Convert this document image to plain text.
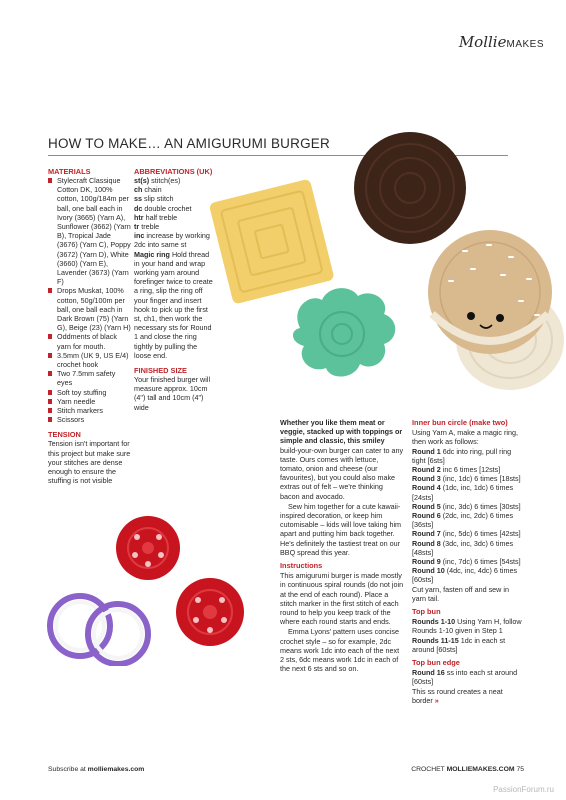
MollieMAKES
HOW TO MAKE… AN AMIGURUMI BURGER
MATERIALS
Stylecraft Classique Cotton DK, 100% cotton, 100g/184m per ball, one ball each in Ivory (3665) (Yarn A), Sunflower (3662) (Yarn B), Tropical Jade (3676) (Yarn C), Poppy (3672) (Yarn D), White (3660) (Yarn E), Lavender (3673) (Yarn F)
Drops Muskat, 100% cotton, 50g/100m per ball, one ball each in Dark Brown (75) (Yarn G), Beige (23) (Yarn H)
Oddments of black yarn for mouth.
3.5mm (UK 9, US E/4) crochet hook
Two 7.5mm safety eyes
Soft toy stuffing
Yarn needle
Stitch markers
Scissors
TENSION
Tension isn't important for this project but make sure your stitches are dense enough to ensure the stuffing is not visible
ABBREVIATIONS (UK)
st(s) stitch(es)
ch chain
ss slip stitch
dc double crochet
htr half treble
tr treble
inc increase by working 2dc into same st
Magic ring Hold thread in your hand and wrap working yarn around forefinger twice to create a ring, slip the ring off your finger and insert hook to pick up the first st, ch1, then work the necessary sts for Round 1 and close the ring tightly by pulling the loose end.
FINISHED SIZE
Your finished burger will measure approx. 10cm (4") tall and 10cm (4") wide

Whether you like them meat or veggie, stacked up with toppings or simple and classic, this smiley build-your-own burger can cater to any taste. Ours comes with lettuce, tomato, onion and cheese (our favourites), but you could also make extras out of felt – we're thinking bacon and avocado.

Sew him together for a cute kawaii-inspired decoration, or keep him cutomisable – kids will love taking him apart and putting him back together. He's definitely the tastiest treat on our BBQ spread this year.

Instructions

This amigurumi burger is made mostly in continuous spiral rounds (do not join at the end of each round). Place a stitch marker in the first stitch of each round to help you keep track of the where each round starts and ends.

Emma Lyons' pattern uses concise crochet style – so for example, 2dc means work 1dc into each of the next 2 sts, 6dc means work 1dc in each of the next 6 sts and so on.

Inner bun circle (make two)
Using Yarn A, make a magic ring, then work as follows:
Round 1 6dc into ring, pull ring tight [6sts]
Round 2 inc 6 times [12sts]
Round 3 (inc, 1dc) 6 times [18sts]
Round 4 (1dc, inc, 1dc) 6 times [24sts]
Round 5 (inc, 3dc) 6 times [30sts]
Round 6 (2dc, inc, 2dc) 6 times [36sts]
Round 7 (inc, 5dc) 6 times [42sts]
Round 8 (3dc, inc, 3dc) 6 times [48sts]
Round 9 (inc, 7dc) 6 times [54sts]
Round 10 (4dc, inc, 4dc) 6 times [60sts]
Cut yarn, fasten off and sew in yarn tail.
Top bun
Rounds 1-10 Using Yarn H, follow Rounds 1-10 given in Step 1
Rounds 11-15 1dc in each st around [60sts]
Top bun edge
Round 16 ss into each st around [60sts]
This ss round creates a neat border »
Subscribe at molliemakes.com	CROCHET MOLLIEMAKES.COM 75
PassionForum.ru
